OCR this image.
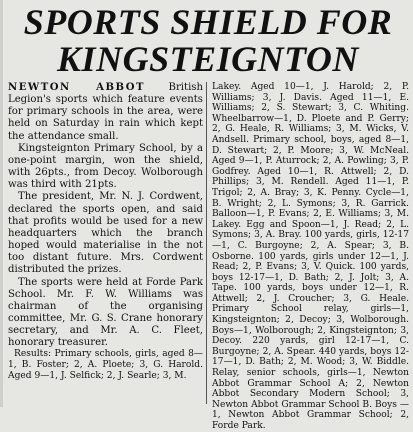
SPORTS SHIELD FOR KINGSTEIGNTON

NEWTON ABBOT British Legion's sports which feature events for primary schools in the area, were held on Saturday in rain which kept the attendance small.

Kingsteignton Primary School, by a one-point margin, won the shield, with 26pts., from Decoy. Wolborough was third with 21pts.

The president, Mr. N. J. Cordwent, declared the sports open, and said that profits would be used for a new headquarters which the branch hoped would materialise in the not too distant future. Mrs. Cordwent distributed the prizes.

The sports were held at Forde Park School. Mr. F. W. Williams was chairman of the organising committee, Mr. G. S. Crane honorary secretary, and Mr. A. C. Fleet, honorary treasurer.

Results: Primary schools, girls, aged 8—1, B. Foster; 2, A. Ploete; 3, G. Harold. Aged 9—1, J. Selfick; 2, J. Searle; 3, M.

Lakey. Aged 10—1, J. Harold; 2, P. Williams; 3, J. Davis. Aged 11—1, E. Williams; 2, S. Stewart; 3, C. Whiting. Wheelbarrow—1, D. Ploete and P. Gerry; 2, G. Heale, R. Williams; 3, M. Wicks, V. Andsell. Primary school, boys, aged 8—1, D. Stewart; 2, P. Moore; 3, W. McNeal. Aged 9—1, P. Aturrock; 2, A. Powling; 3, P. Godfrey. Aged 10—1, R. Attwell; 2, D. Phillips; 3, M. Rendell. Aged 11—1, P. Trigol; 2, A. Bray; 3, K. Penny. Cycle—1, B. Wright; 2, L. Symons; 3, R. Garrick. Balloon—1, P. Evans; 2, E. Williams; 3, M. Lakey. Egg and Spoon—1, J. Read; 2, L. Symons; 3, A. Bray. 100 yards, girls, 12-17—1, C. Burgoyne; 2, A. Spear; 3, B. Osborne. 100 yards, girls under 12—1, J. Read; 2, P. Evans; 3, V. Quick. 100 yards, boys 12-17—1, D. Bath; 2, J. Jolt; 3, A. Tape. 100 yards, boys under 12—1, R. Attwell; 2, J. Croucher; 3, G. Heale. Primary School relay, girls—1, Kingsteignton; 2, Decoy; 3, Wolborough. Boys—1, Wolborough; 2, Kingsteignton; 3, Decoy. 220 yards, girl 12-17—1, C. Burgoyne; 2, A. Spear. 440 yards, boys 12-17—1, D. Bath; 2, M. Wood; 3, W. Biddle. Relay, senior schools, girls—1, Newton Abbot Grammar School A; 2, Newton Abbot Secondary Modern School; 3, Newton Abbot Grammar School B. Boys — 1, Newton Abbot Grammar School; 2, Forde Park.
